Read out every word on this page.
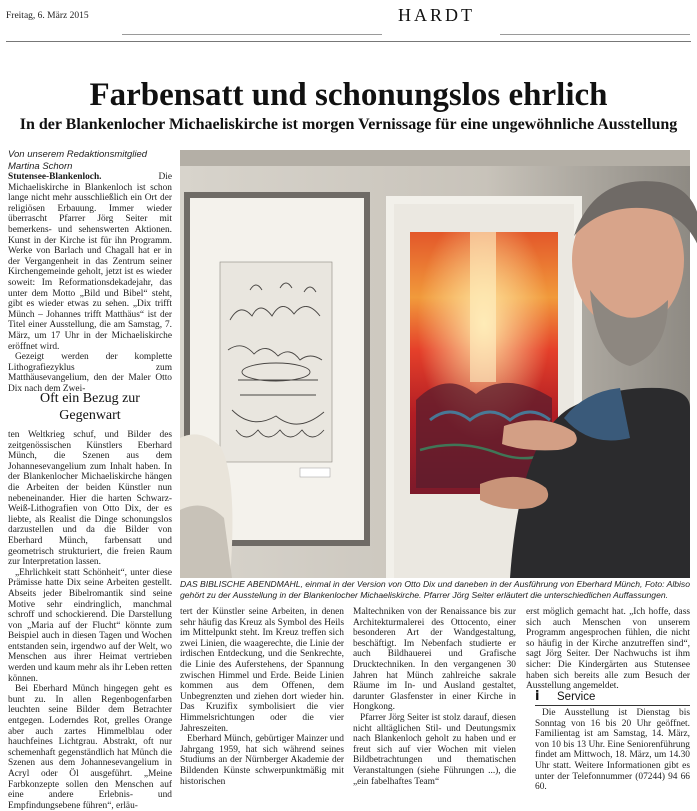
Freitag, 6. März 2015	HARDT
Farbensatt und schonungslos ehrlich
In der Blankenlocher Michaeliskirche ist morgen Vernissage für eine ungewöhnliche Ausstellung
Von unserem Redaktionsmitglied
Martina Schorn

Stutensee-Blankenloch.	Die Michaeliskirche in Blankenloch ist schon lange nicht mehr ausschließlich ein Ort der religiösen Erbauung. Immer wieder überrascht Pfarrer Jörg Seiter mit bemerkens- und sehenswerten Aktionen. Kunst in der Kirche ist für ihn Programm. Werke von Barlach und Chagall hat er in der Vergangenheit in das Zentrum seiner Kirchengemeinde geholt, jetzt ist es wieder soweit: Im Reformationsdekadejahr, das unter dem Motto „Bild und Bibel“ steht, gibt es wieder etwas zu sehen. „Dix trifft Münch – Johannes trifft Matthäus“ ist der Titel einer Ausstellung, die am Samstag, 7. März, um 17 Uhr in der Michaeliskirche eröffnet wird.

Gezeigt werden der komplette Lithografiezyklus zum Matthäusevangelium, den der Maler Otto Dix nach dem Zwei-

Oft ein Bezug zur Gegenwart

ten Weltkrieg schuf, und Bilder des zeitgenössischen Künstlers Eberhard Münch, die Szenen aus dem Johannesevangelium zum Inhalt haben. In der Blankenlocher Michaeliskirche hängen die Arbeiten der beiden Künstler nun nebeneinander. Hier die harten Schwarz-Weiß-Lithografien von Otto Dix, der es liebte, als Realist die Dinge schonungslos darzustellen und da die Bilder von Eberhard Münch, farbensatt und geometrisch strukturiert, die freien Raum zur Interpretation lassen.

„Ehrlichkeit statt Schönheit“, unter diese Prämisse hatte Dix seine Arbeiten gestellt. Abseits jeder Bibelromantik sind seine Motive sehr eindringlich, manchmal schroff und schockierend. Die Darstellung von „Maria auf der Flucht“ könnte zum Beispiel auch in diesen Tagen und Wochen entstanden sein, irgendwo auf der Welt, wo Menschen aus ihrer Heimat vertrieben werden und kaum mehr als ihr Leben retten können.

Bei Eberhard Münch hingegen geht es bunt zu. In allen Regenbogenfarben leuchten seine Bilder dem Betrachter entgegen. Loderndes Rot, grelles Orange aber auch zartes Himmelblau oder hauchfeines Lichtgrau. Abstrakt, oft nur schemenhaft gegenständlich hat Münch die Szenen aus dem Johannesevangelium in Acryl oder Öl ausgeführt. „Meine Farbkonzepte sollen den Menschen auf eine andere Erlebnis- und Empfindungsebene führen“, erläu-

Foto: Albiso
DAS BIBLISCHE ABENDMAHL, einmal in der Version von Otto Dix und daneben in der Ausführung von Eberhard Münch, gehört zu der Ausstellung in der Blankenlocher Michaeliskirche. Pfarrer Jörg Seiter erläutert die unterschiedlichen Auffassungen.

tert der Künstler seine Arbeiten, in denen sehr häufig das Kreuz als Symbol des Heils im Mittelpunkt steht. Im Kreuz treffen sich zwei Linien, die waagerechte, die Linie der irdischen Entdeckung, und die Senkrechte, die Linie des Auferstehens, der Spannung zwischen Himmel und Erde. Beide Linien kommen aus dem Offenen, dem Unbegrenzten und ziehen dort wieder hin. Das Kruzifix symbolisiert die vier Himmelsrichtungen oder die vier Jahreszeiten.

Eberhard Münch, gebürtiger Mainzer und Jahrgang 1959, hat sich während seines Studiums an der Nürnberger Akademie der Bildenden Künste schwerpunktmäßig mit historischen

Maltechniken von der Renaissance bis zur Architekturmalerei des Ottocento, einer besonderen Art der Wandgestaltung, beschäftigt. Im Nebenfach studierte er auch Bildhauerei und Grafische Drucktechniken. In den vergangenen 30 Jahren hat Münch zahlreiche sakrale Räume im In- und Ausland gestaltet, darunter Glasfenster in einer Kirche in Hongkong.

Pfarrer Jörg Seiter ist stolz darauf, diesen nicht alltäglichen Stil- und Deutungsmix nach Blankenloch geholt zu haben und er freut sich auf vier Wochen mit vielen Bildbetrachtungen und thematischen Veranstaltungen (siehe Führungen ...), die „ein fabelhaftes Team“

erst möglich gemacht hat. „Ich hoffe, dass sich auch Menschen von unserem Programm angesprochen fühlen, die nicht so häufig in der Kirche anzutreffen sind“, sagt Jörg Seiter. Der Nachwuchs ist ihm sicher: Die Kindergärten aus Stutensee haben sich bereits alle zum Besuch der Ausstellung angemeldet.

i	Service
Die Ausstellung ist Dienstag bis Sonntag von 16 bis 20 Uhr geöffnet. Familientag ist am Samstag, 14. März, von 10 bis 13 Uhr. Eine Seniorenführung findet am Mittwoch, 18. März, um 14.30 Uhr statt. Weitere Informationen gibt es unter der Telefonnummer (07244) 94 66 60.
